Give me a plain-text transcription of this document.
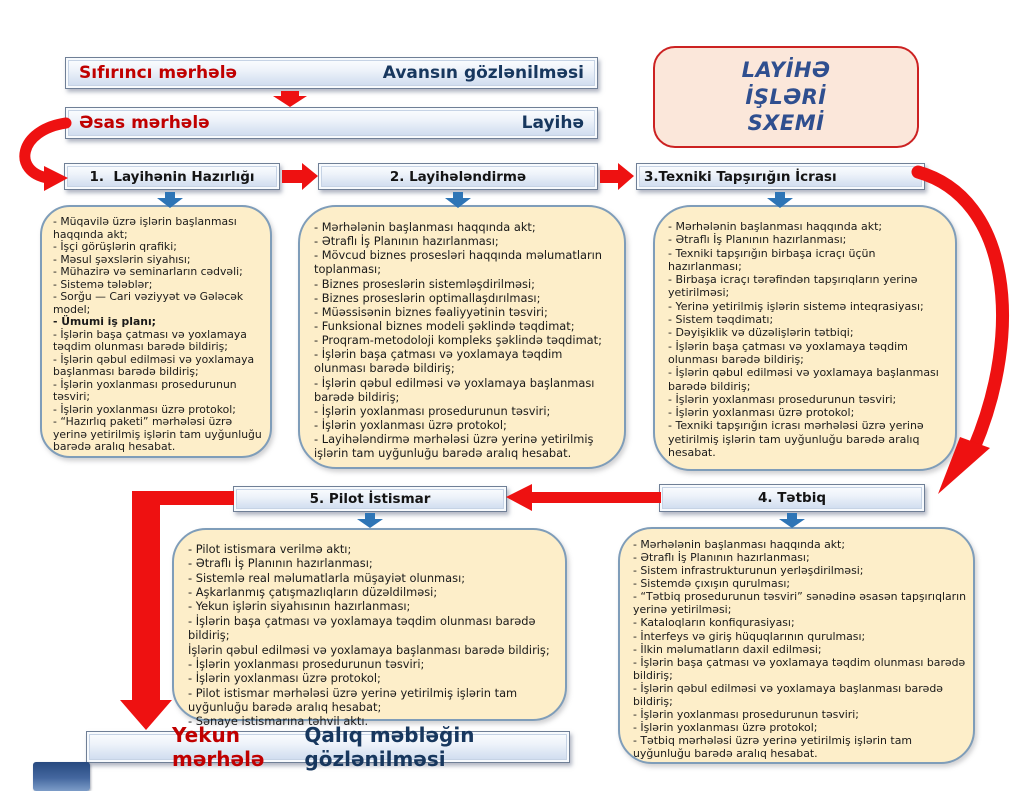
Sıfırıncı mərhələ	Avansın gözlənilməsi
Əsas mərhələ	Layihə
LAYİHƏ
İŞLƏRİ
SXEMİ
1.  Layihənin Hazırlığı	2. Layihələndirmə	3.Texniki Tapşırığın İcrası
- Müqavilə üzrə işlərin başlanması haqqında akt;
- İşçi görüşlərin qrafiki;
- Məsul şəxslərin siyahısı;
- Mühazirə və seminarların cədvəli;
- Sistemə tələblər;
- Sorğu — Cari vəziyyət və Gələcək model;
- Ümumi iş planı;
- İşlərin başa çatması və yoxlamaya təqdim olunması barədə bildiriş;
- İşlərin qəbul edilməsi və yoxlamaya başlanması barədə bildiriş;
- İşlərin yoxlanması prosedurunun təsviri;
- İşlərin yoxlanması üzrə protokol;
- “Hazırlıq paketi” mərhələsi üzrə yerinə yetirilmiş işlərin tam uyğunluğu barədə aralıq hesabat.
- Mərhələnin başlanması haqqında akt;
- Ətraflı İş Planının hazırlanması;
- Mövcud biznes prosesləri haqqında məlumatların toplanması;
- Biznes proseslərin sistemləşdirilməsi;
- Biznes proseslərin optimallaşdırılması;
- Müəssisənin biznes fəaliyyətinin təsviri;
- Funksional biznes modeli şəklində təqdimat;
- Proqram-metodoloji kompleks şəklində təqdimat;
- İşlərin başa çatması və yoxlamaya təqdim olunması barədə bildiriş;
- İşlərin qəbul edilməsi və yoxlamaya başlanması barədə bildiriş;
- İşlərin yoxlanması prosedurunun təsviri;
- İşlərin yoxlanması üzrə protokol;
- Layihələndirmə mərhələsi üzrə yerinə yetirilmiş işlərin tam uyğunluğu barədə aralıq hesabat.
- Mərhələnin başlanması haqqında akt;
- Ətraflı İş Planının hazırlanması;
- Texniki tapşırığın birbaşa icraçı üçün hazırlanması;
- Birbaşa icraçı tərəfindən tapşırıqların yerinə yetirilməsi;
- Yerinə yetirilmiş işlərin sistemə inteqrasiyası;
- Sistem təqdimatı;
- Dəyişiklik və düzəlişlərin tətbiqi;
- İşlərin başa çatması və yoxlamaya təqdim olunması barədə bildiriş;
- İşlərin qəbul edilməsi və yoxlamaya başlanması barədə bildiriş;
- İşlərin yoxlanması prosedurunun təsviri;
- İşlərin yoxlanması üzrə protokol;
- Texniki tapşırığın icrası mərhələsi üzrə yerinə yetirilmiş işlərin tam uyğunluğu barədə aralıq hesabat.
5. Pilot İstismar	4. Tətbiq
- Pilot istismara verilmə aktı;
- Ətraflı İş Planının hazırlanması;
- Sistemlə real məlumatlarla müşayiət olunması;
- Aşkarlanmış çatışmazlıqların düzəldilməsi;
- Yekun işlərin siyahısının hazırlanması;
- İşlərin başa çatması və yoxlamaya təqdim olunması barədə bildiriş;
İşlərin qəbul edilməsi və yoxlamaya başlanması barədə bildiriş;
- İşlərin yoxlanması prosedurunun təsviri;
- İşlərin yoxlanması üzrə protokol;
- Pilot istismar mərhələsi üzrə yerinə yetirilmiş işlərin tam uyğunluğu barədə aralıq hesabat;
- Sənaye istismarına təhvil aktı.
- Mərhələnin başlanması haqqında akt;
- Ətraflı İş Planının hazırlanması;
- Sistem infrastrukturunun yerləşdirilməsi;
- Sistemdə çıxışın qurulması;
- “Tətbiq prosedurunun təsviri” sənədinə əsasən tapşırıqların yerinə yetirilməsi;
- Kataloqların konfiqurasiyası;
- İnterfeys və giriş hüquqlarının qurulması;
- İlkin məlumatların daxil edilməsi;
- İşlərin başa çatması və yoxlamaya təqdim olunması barədə bildiriş;
- İşlərin qəbul edilməsi və yoxlamaya başlanması barədə bildiriş;
- İşlərin yoxlanması prosedurunun təsviri;
- İşlərin yoxlanması üzrə protokol;
- Tətbiq mərhələsi üzrə yerinə yetirilmiş işlərin tam uyğunluğu barədə aralıq hesabat.
Yekun mərhələ
Qalıq məbləğin gözlənilməsi
